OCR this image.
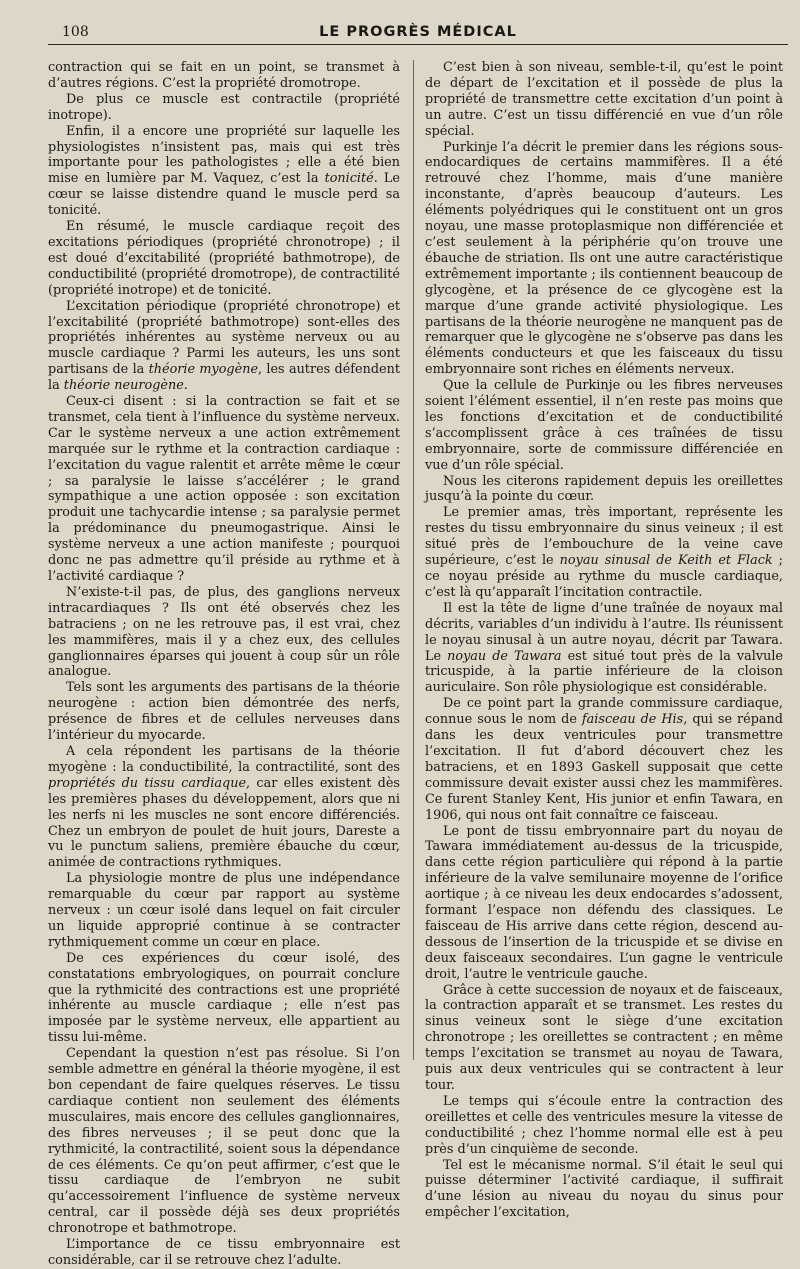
108	LE PROGRÈS MÉDICAL

contraction qui se fait en un point, se transmet à d’autres régions. C’est la propriété dromotrope.

De plus ce muscle est contractile (propriété inotrope).

Enfin, il a encore une propriété sur laquelle les physiologistes n’insistent pas, mais qui est très importante pour les pathologistes ; elle a été bien mise en lumière par M. Vaquez, c’est la tonicité. Le cœur se laisse distendre quand le muscle perd sa tonicité.

En résumé, le muscle cardiaque reçoit des excitations périodiques (propriété chronotrope) ; il est doué d’excitabilité (propriété bathmotrope), de conductibilité (propriété dromotrope), de contractilité (propriété inotrope) et de tonicité.

L’excitation périodique (propriété chronotrope) et l’excitabilité (propriété bathmotrope) sont-elles des propriétés inhérentes au système nerveux ou au muscle cardiaque ? Parmi les auteurs, les uns sont partisans de la théorie myogène, les autres défendent la théorie neurogène.

Ceux-ci disent : si la contraction se fait et se transmet, cela tient à l’influence du système nerveux. Car le système nerveux a une action extrêmement marquée sur le rythme et la contraction cardiaque : l’excitation du vague ralentit et arrête même le cœur ; sa paralysie le laisse s’accélérer ; le grand sympathique a une action opposée : son excitation produit une tachycardie intense ; sa paralysie permet la prédominance du pneumogastrique. Ainsi le système nerveux a une action manifeste ; pourquoi donc ne pas admettre qu’il préside au rythme et à l’activité cardiaque ?

N’existe-t-il pas, de plus, des ganglions nerveux intracardiaques ? Ils ont été observés chez les batraciens ; on ne les retrouve pas, il est vrai, chez les mammifères, mais il y a chez eux, des cellules ganglionnaires éparses qui jouent à coup sûr un rôle analogue.

Tels sont les arguments des partisans de la théorie neurogène : action bien démontrée des nerfs, présence de fibres et de cellules nerveuses dans l’intérieur du myocarde.

A cela répondent les partisans de la théorie myogène : la conductibilité, la contractilité, sont des propriétés du tissu cardiaque, car elles existent dès les premières phases du développement, alors que ni les nerfs ni les muscles ne sont encore différenciés. Chez un embryon de poulet de huit jours, Dareste a vu le punctum saliens, première ébauche du cœur, animée de contractions rythmiques.

La physiologie montre de plus une indépendance remarquable du cœur par rapport au système nerveux : un cœur isolé dans lequel on fait circuler un liquide approprié continue à se contracter rythmiquement comme un cœur en place.

De ces expériences du cœur isolé, des constatations embryologiques, on pourrait conclure que la rythmicité des contractions est une propriété inhérente au muscle cardiaque ; elle n’est pas imposée par le système nerveux, elle appartient au tissu lui-même.

Cependant la question n’est pas résolue. Si l’on semble admettre en général la théorie myogène, il est bon cependant de faire quelques réserves. Le tissu cardiaque contient non seulement des éléments musculaires, mais encore des cellules ganglionnaires, des fibres nerveuses ; il se peut donc que la rythmicité, la contractilité, soient sous la dépendance de ces éléments. Ce qu’on peut affirmer, c’est que le tissu cardiaque de l’embryon ne subit qu’accessoirement l’influence de système nerveux central, car il possède déjà ses deux propriétés chronotrope et bathmotrope.

L’importance de ce tissu embryonnaire est considérable, car il se retrouve chez l’adulte.

C’est bien à son niveau, semble-t-il, qu’est le point de départ de l’excitation et il possède de plus la propriété de transmettre cette excitation d’un point à un autre. C’est un tissu différencié en vue d’un rôle spécial.

Purkinje l’a décrit le premier dans les régions sous-endocardiques de certains mammifères. Il a été retrouvé chez l’homme, mais d’une manière inconstante, d’après beaucoup d’auteurs. Les éléments polyédriques qui le constituent ont un gros noyau, une masse protoplasmique non différenciée et c’est seulement à la périphérie qu’on trouve une ébauche de striation. Ils ont une autre caractéristique extrêmement importante ; ils contiennent beaucoup de glycogène, et la présence de ce glycogène est la marque d’une grande activité physiologique. Les partisans de la théorie neurogène ne manquent pas de remarquer que le glycogène ne s’observe pas dans les éléments conducteurs et que les faisceaux du tissu embryonnaire sont riches en éléments nerveux.

Que la cellule de Purkinje ou les fibres nerveuses soient l’élément essentiel, il n’en reste pas moins que les fonctions d’excitation et de conductibilité s’accomplissent grâce à ces traînées de tissu embryonnaire, sorte de commissure différenciée en vue d’un rôle spécial.

Nous les citerons rapidement depuis les oreillettes jusqu’à la pointe du cœur.

Le premier amas, très important, représente les restes du tissu embryonnaire du sinus veineux ; il est situé près de l’embouchure de la veine cave supérieure, c’est le noyau sinusal de Keith et Flack ; ce noyau préside au rythme du muscle cardiaque, c’est là qu’apparaît l’incitation contractile.

Il est la tête de ligne d’une traînée de noyaux mal décrits, variables d’un individu à l’autre. Ils réunissent le noyau sinusal à un autre noyau, décrit par Tawara. Le noyau de Tawara est situé tout près de la valvule tricuspide, à la partie inférieure de la cloison auriculaire. Son rôle physiologique est considérable.

De ce point part la grande commissure cardiaque, connue sous le nom de faisceau de His, qui se répand dans les deux ventricules pour transmettre l’excitation. Il fut d’abord découvert chez les batraciens, et en 1893 Gaskell supposait que cette commissure devait exister aussi chez les mammifères. Ce furent Stanley Kent, His junior et enfin Tawara, en 1906, qui nous ont fait connaître ce faisceau.

Le pont de tissu embryonnaire part du noyau de Tawara immédiatement au-dessus de la tricuspide, dans cette région particulière qui répond à la partie inférieure de la valve semilunaire moyenne de l’orifice aortique ; à ce niveau les deux endocardes s’adossent, formant l’espace non défendu des classiques. Le faisceau de His arrive dans cette région, descend au-dessous de l’insertion de la tricuspide et se divise en deux faisceaux secondaires. L’un gagne le ventricule droit, l’autre le ventricule gauche.

Grâce à cette succession de noyaux et de faisceaux, la contraction apparaît et se transmet. Les restes du sinus veineux sont le siège d’une excitation chronotrope ; les oreillettes se contractent ; en même temps l’excitation se transmet au noyau de Tawara, puis aux deux ventricules qui se contractent à leur tour.

Le temps qui s’écoule entre la contraction des oreillettes et celle des ventricules mesure la vitesse de conductibilité ; chez l’homme normal elle est à peu près d’un cinquième de seconde.

Tel est le mécanisme normal. S’il était le seul qui puisse déterminer l’activité cardiaque, il suffirait d’une lésion au niveau du noyau du sinus pour empêcher l’excitation,
